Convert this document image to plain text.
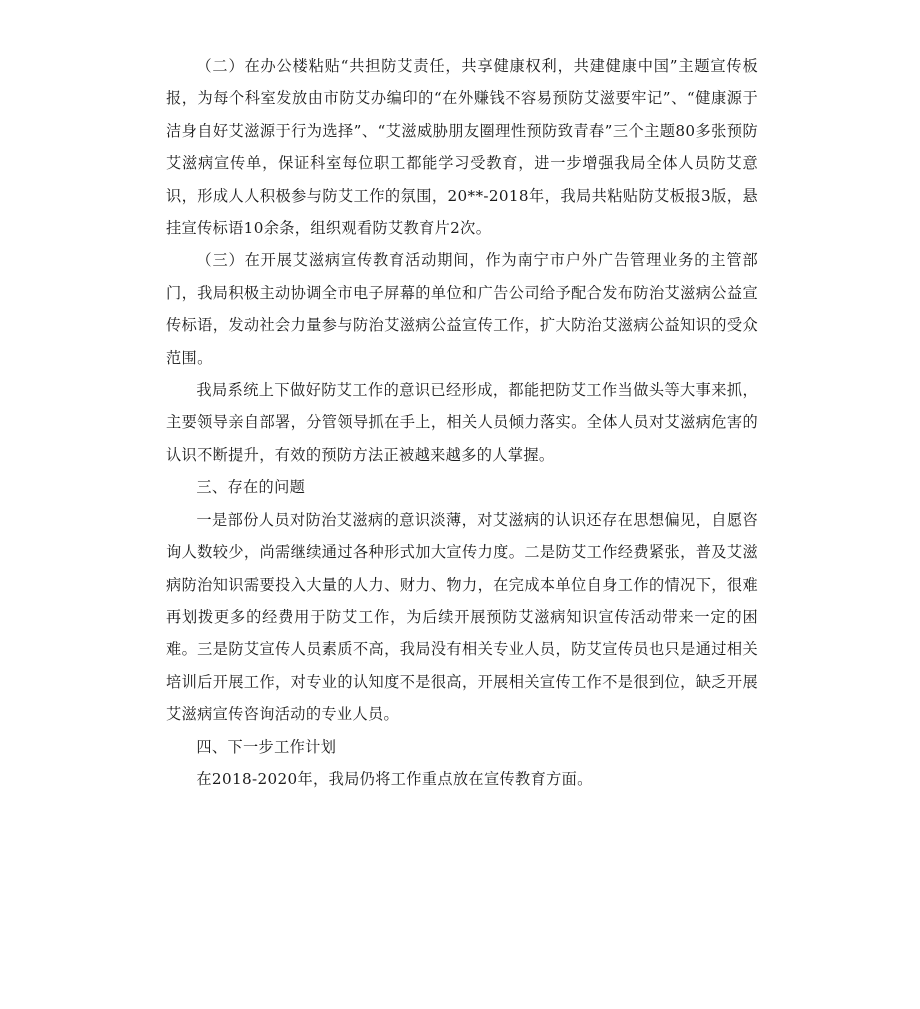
（二）在办公楼粘贴“共担防艾责任，共享健康权利，共建健康中国”主题宣传板报，为每个科室发放由市防艾办编印的“在外赚钱不容易预防艾滋要牢记”、“健康源于洁身自好艾滋源于行为选择”、“艾滋威胁朋友圈理性预防致青春”三个主题80多张预防艾滋病宣传单，保证科室每位职工都能学习受教育，进一步增强我局全体人员防艾意识，形成人人积极参与防艾工作的氛围，20**-2018年，我局共粘贴防艾板报3版，悬挂宣传标语10余条，组织观看防艾教育片2次。

（三）在开展艾滋病宣传教育活动期间，作为南宁市户外广告管理业务的主管部门，我局积极主动协调全市电子屏幕的单位和广告公司给予配合发布防治艾滋病公益宣传标语，发动社会力量参与防治艾滋病公益宣传工作，扩大防治艾滋病公益知识的受众范围。

我局系统上下做好防艾工作的意识已经形成，都能把防艾工作当做头等大事来抓，主要领导亲自部署，分管领导抓在手上，相关人员倾力落实。全体人员对艾滋病危害的认识不断提升，有效的预防方法正被越来越多的人掌握。

三、存在的问题

一是部份人员对防治艾滋病的意识淡薄，对艾滋病的认识还存在思想偏见，自愿咨询人数较少，尚需继续通过各种形式加大宣传力度。二是防艾工作经费紧张，普及艾滋病防治知识需要投入大量的人力、财力、物力，在完成本单位自身工作的情况下，很难再划拨更多的经费用于防艾工作，为后续开展预防艾滋病知识宣传活动带来一定的困难。三是防艾宣传人员素质不高，我局没有相关专业人员，防艾宣传员也只是通过相关培训后开展工作，对专业的认知度不是很高，开展相关宣传工作不是很到位，缺乏开展艾滋病宣传咨询活动的专业人员。

四、下一步工作计划

在2018-2020年，我局仍将工作重点放在宣传教育方面。
